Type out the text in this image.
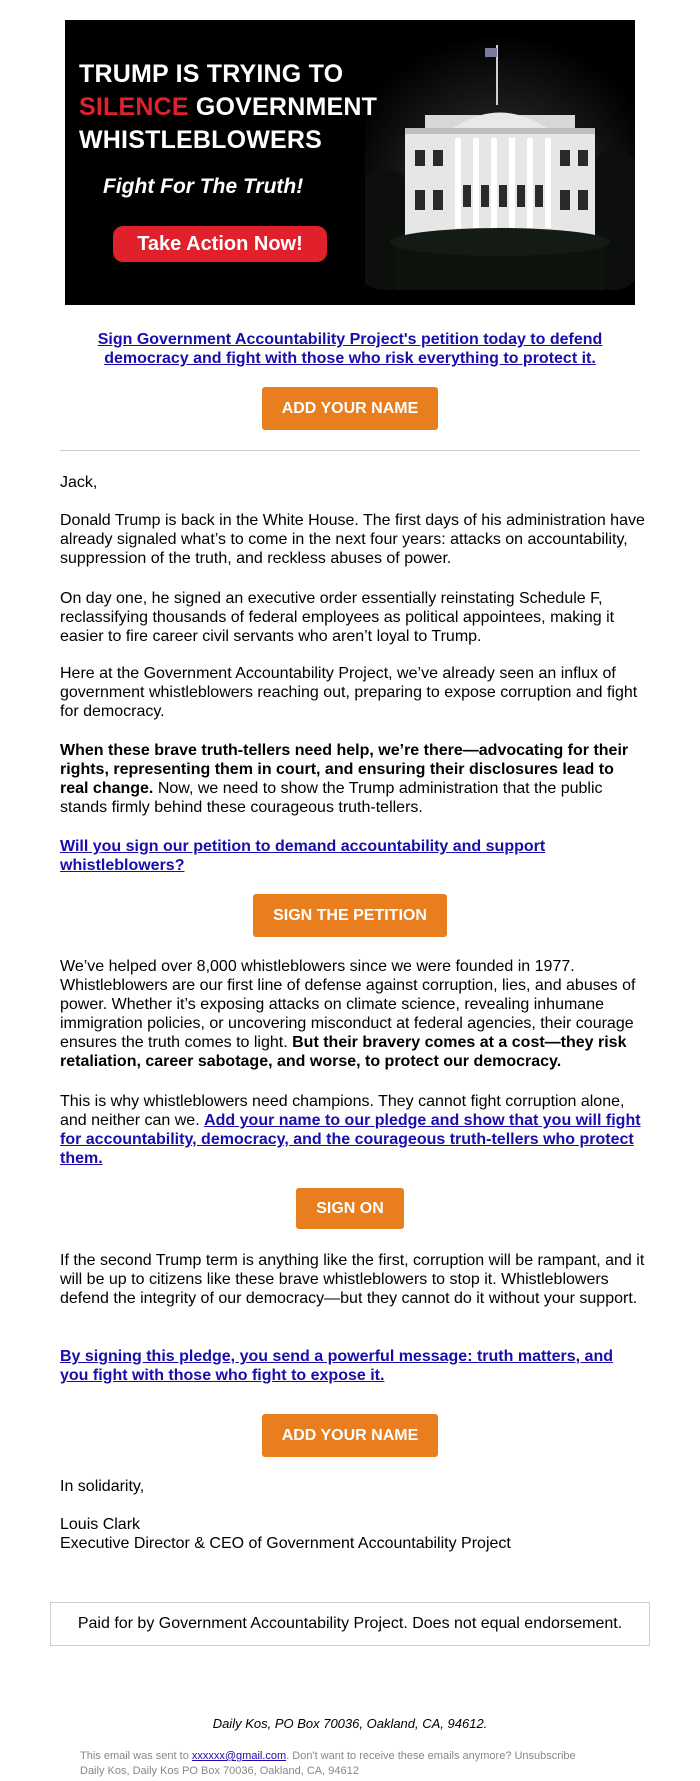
TRUMP IS TRYING TO
SILENCE GOVERNMENT
WHISTLEBLOWERS
Fight For The Truth!
Take Action Now!
Sign Government Accountability Project's petition today to defend democracy and fight with those who risk everything to protect it.
ADD YOUR NAME
Jack,
Donald Trump is back in the White House. The first days of his administration have already signaled what’s to come in the next four years: attacks on accountability, suppression of the truth, and reckless abuses of power.
On day one, he signed an executive order essentially reinstating Schedule F, reclassifying thousands of federal employees as political appointees, making it easier to fire career civil servants who aren’t loyal to Trump.
Here at the Government Accountability Project, we’ve already seen an influx of government whistleblowers reaching out, preparing to expose corruption and fight for democracy.
When these brave truth-tellers need help, we’re there—advocating for their rights, representing them in court, and ensuring their disclosures lead to real change. Now, we need to show the Trump administration that the public stands firmly behind these courageous truth-tellers.
Will you sign our petition to demand accountability and support whistleblowers?
SIGN THE PETITION
We’ve helped over 8,000 whistleblowers since we were founded in 1977. Whistleblowers are our first line of defense against corruption, lies, and abuses of power. Whether it’s exposing attacks on climate science, revealing inhumane immigration policies, or uncovering misconduct at federal agencies, their courage ensures the truth comes to light. But their bravery comes at a cost—they risk retaliation, career sabotage, and worse, to protect our democracy.
This is why whistleblowers need champions. They cannot fight corruption alone, and neither can we. Add your name to our pledge and show that you will fight for accountability, democracy, and the courageous truth-tellers who protect them.
SIGN ON
If the second Trump term is anything like the first, corruption will be rampant, and it will be up to citizens like these brave whistleblowers to stop it. Whistleblowers defend the integrity of our democracy—but they cannot do it without your support.
By signing this pledge, you send a powerful message: truth matters, and you fight with those who fight to expose it.
ADD YOUR NAME
In solidarity,
Louis Clark
Executive Director & CEO of Government Accountability Project
Paid for by Government Accountability Project. Does not equal endorsement.
Daily Kos, PO Box 70036, Oakland, CA, 94612.
This email was sent to xxxxxx@gmail.com. Don't want to receive these emails anymore? Unsubscribe
Daily Kos, Daily Kos PO Box 70036, Oakland, CA, 94612
